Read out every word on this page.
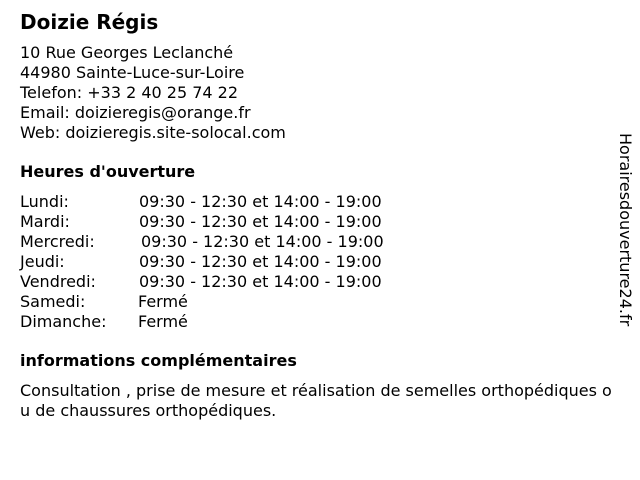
Doizie Régis
10 Rue Georges Leclanché
44980 Sainte-Luce-sur-Loire
Telefon: +33 2 40 25 74 22
Email: doizieregis@orange.fr
Web: doizieregis.site-solocal.com
Heures d'ouverture
Lundi:	09:30 - 12:30 et 14:00 - 19:00
Mardi:	09:30 - 12:30 et 14:00 - 19:00
Mercredi:	09:30 - 12:30 et 14:00 - 19:00
Jeudi:	09:30 - 12:30 et 14:00 - 19:00
Vendredi:	09:30 - 12:30 et 14:00 - 19:00
Samedi:	Fermé
Dimanche: Fermé
informations complémentaires
Consultation , prise de mesure et réalisation de semelles orthopédiques ou de chaussures orthopédiques.
Horairesdouverture24.fr
